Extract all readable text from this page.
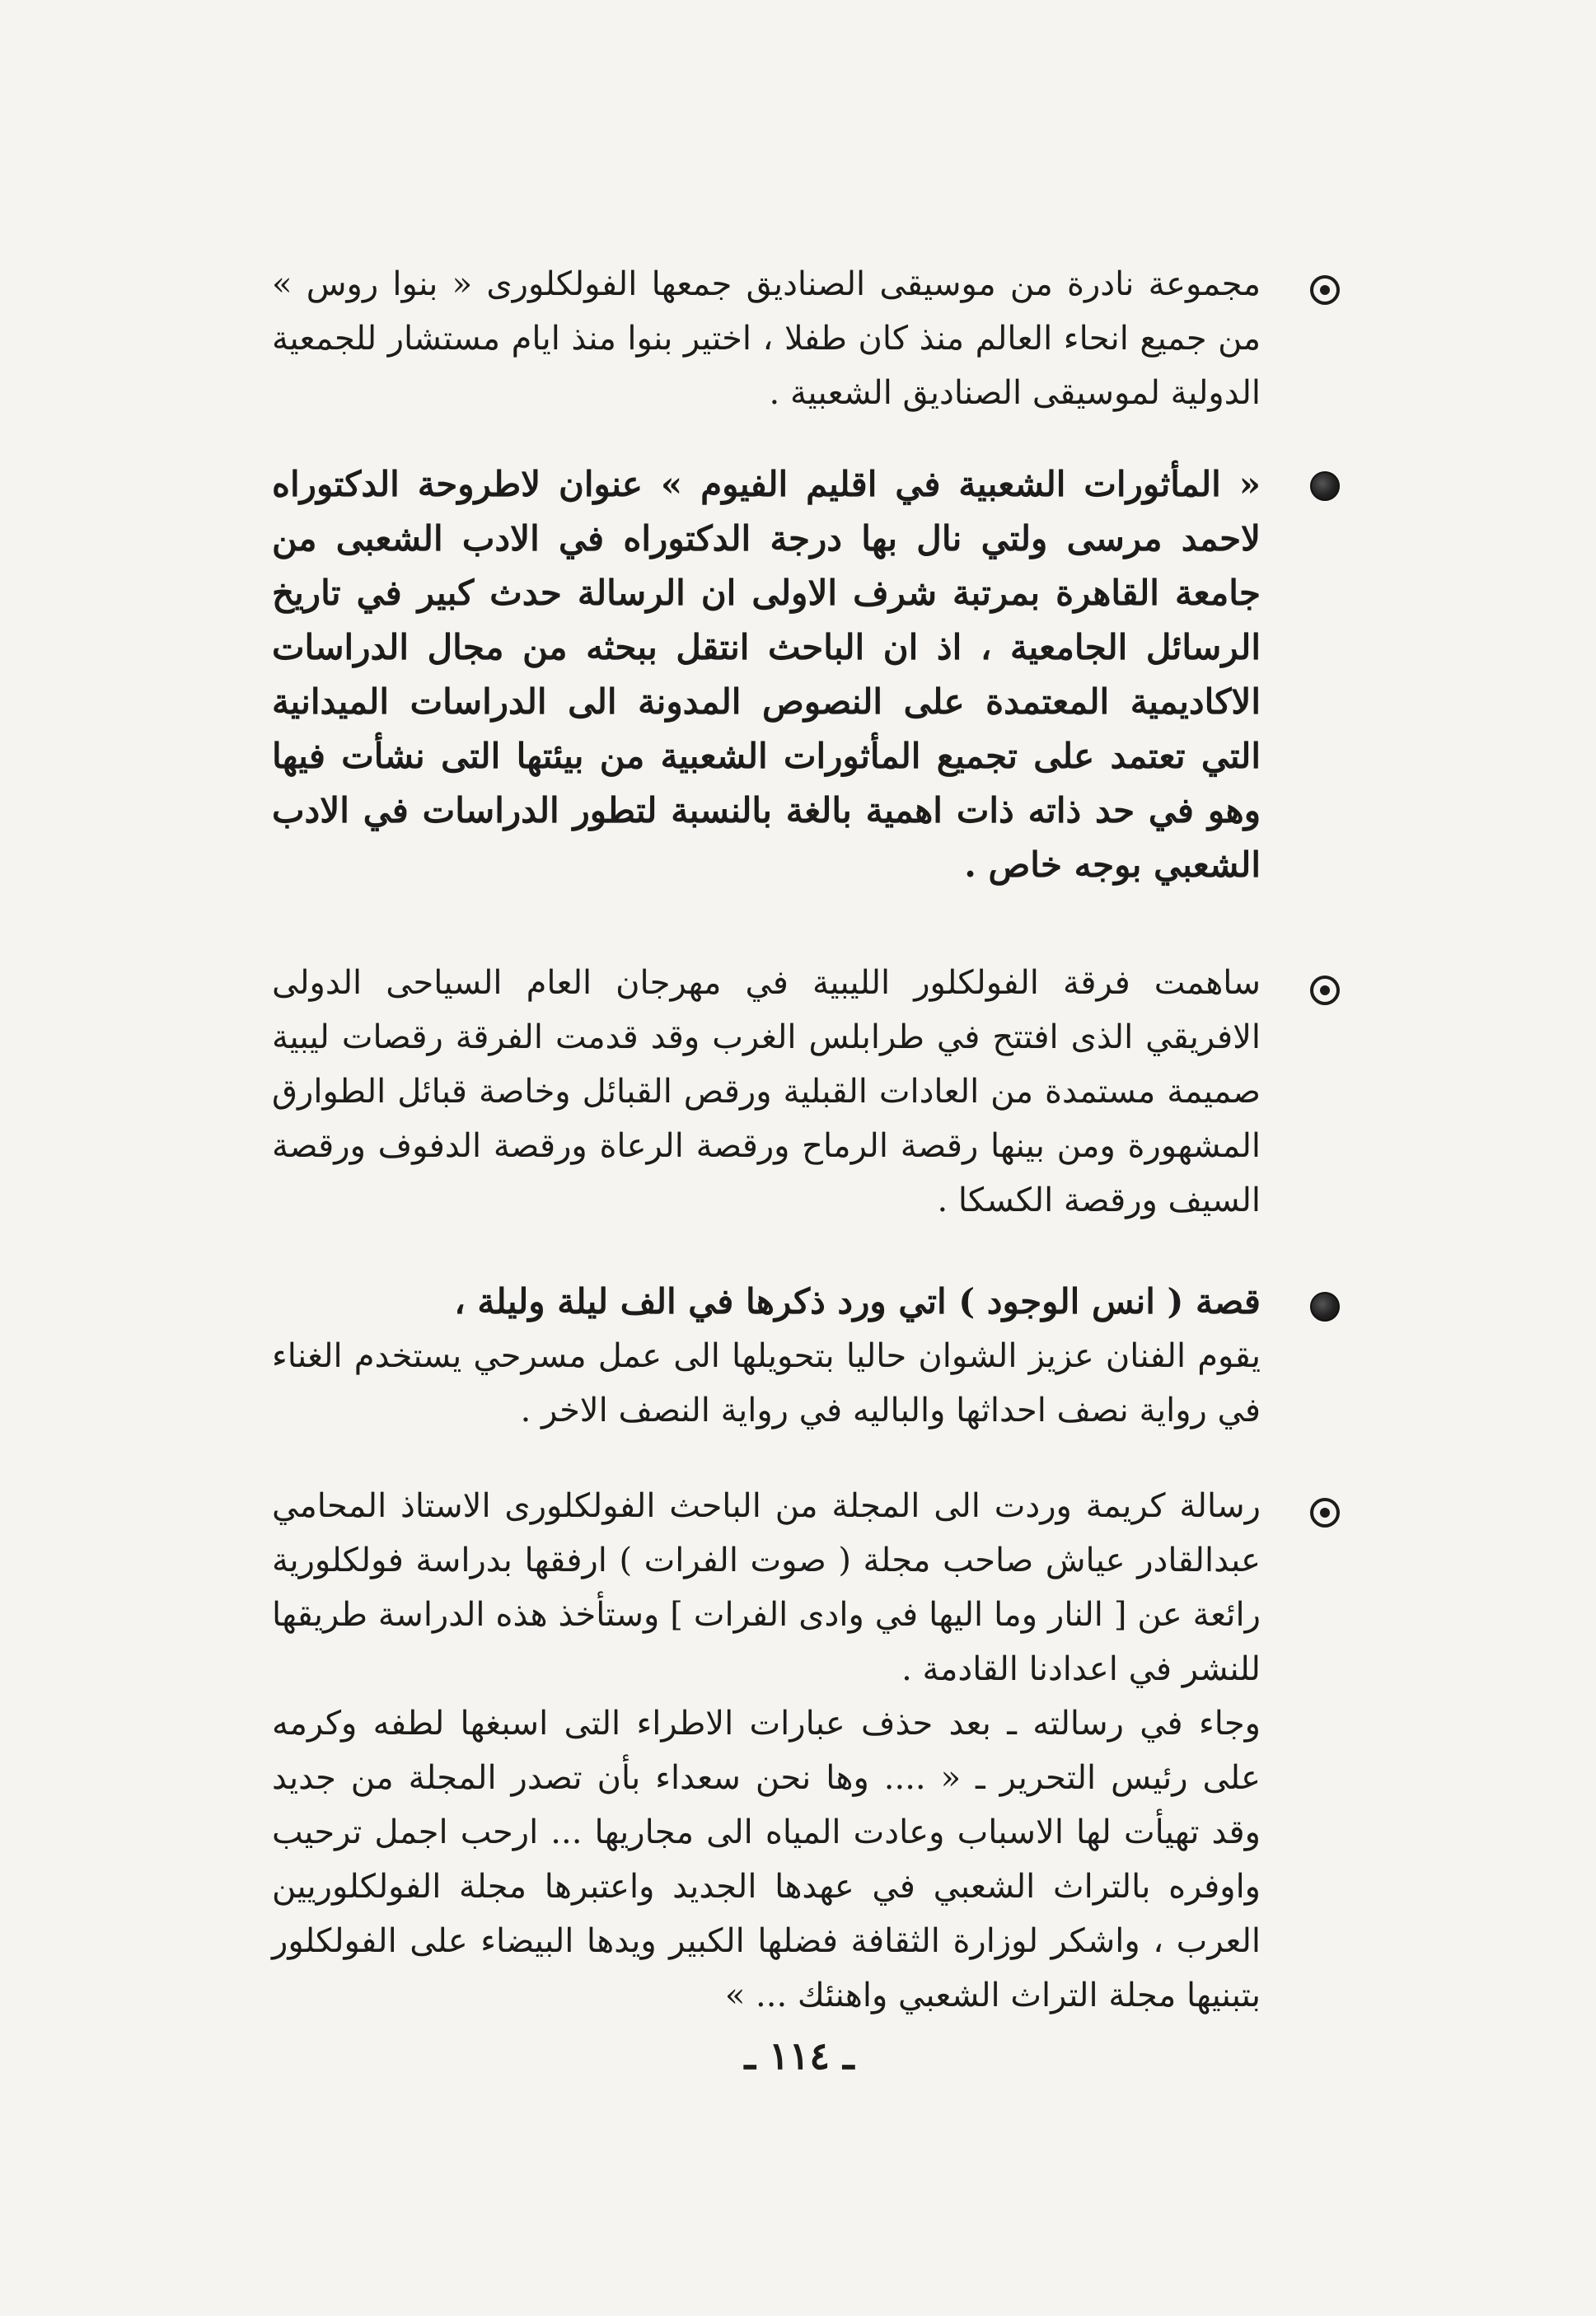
مجموعة نادرة من موسيقى الصناديق جمعها الفولكلورى « بنوا روس » من جميع انحاء العالم منذ كان طفلا ، اختير بنوا منذ ايام مستشار للجمعية الدولية لموسيقى الصناديق الشعبية .

« المأثورات الشعبية في اقليم الفيوم » عنوان لاطروحة الدكتوراه لاحمد مرسى ولتي نال بها درجة الدكتوراه في الادب الشعبى من جامعة القاهرة بمرتبة شرف الاولى ان الرسالة حدث كبير في تاريخ الرسائل الجامعية ، اذ ان الباحث انتقل ببحثه من مجال الدراسات الاكاديمية المعتمدة على النصوص المدونة الى الدراسات الميدانية التي تعتمد على تجميع المأثورات الشعبية من بيئتها التى نشأت فيها وهو في حد ذاته ذات اهمية بالغة بالنسبة لتطور الدراسات في الادب الشعبي بوجه خاص .

ساهمت فرقة الفولكلور الليبية في مهرجان العام السياحى الدولى الافريقي الذى افتتح في طرابلس الغرب وقد قدمت الفرقة رقصات ليبية صميمة مستمدة من العادات القبلية ورقص القبائل وخاصة قبائل الطوارق المشهورة ومن بينها رقصة الرماح ورقصة الرعاة ورقصة الدفوف ورقصة السيف ورقصة الكسكا .

قصة ( انس الوجود ) اتي ورد ذكرها في الف ليلة وليلة ،

يقوم الفنان عزيز الشوان حاليا بتحويلها الى عمل مسرحي يستخدم الغناء في رواية نصف احداثها والباليه في رواية النصف الاخر .

رسالة كريمة وردت الى المجلة من الباحث الفولكلورى الاستاذ المحامي عبدالقادر عياش صاحب مجلة ( صوت الفرات ) ارفقها بدراسة فولكلورية رائعة عن [ النار وما اليها في وادى الفرات ] وستأخذ هذه الدراسة طريقها للنشر في اعدادنا القادمة .

وجاء في رسالته ـ بعد حذف عبارات الاطراء التى اسبغها لطفه وكرمه على رئيس التحرير ـ « .... وها نحن سعداء بأن تصدر المجلة من جديد وقد تهيأت لها الاسباب وعادت المياه الى مجاريها ... ارحب اجمل ترحيب واوفره بالتراث الشعبي في عهدها الجديد واعتبرها مجلة الفولكلوريين العرب ، واشكر لوزارة الثقافة فضلها الكبير ويدها البيضاء على الفولكلور بتبنيها مجلة التراث الشعبي واهنئك ... »

ـ ١١٤ ـ
